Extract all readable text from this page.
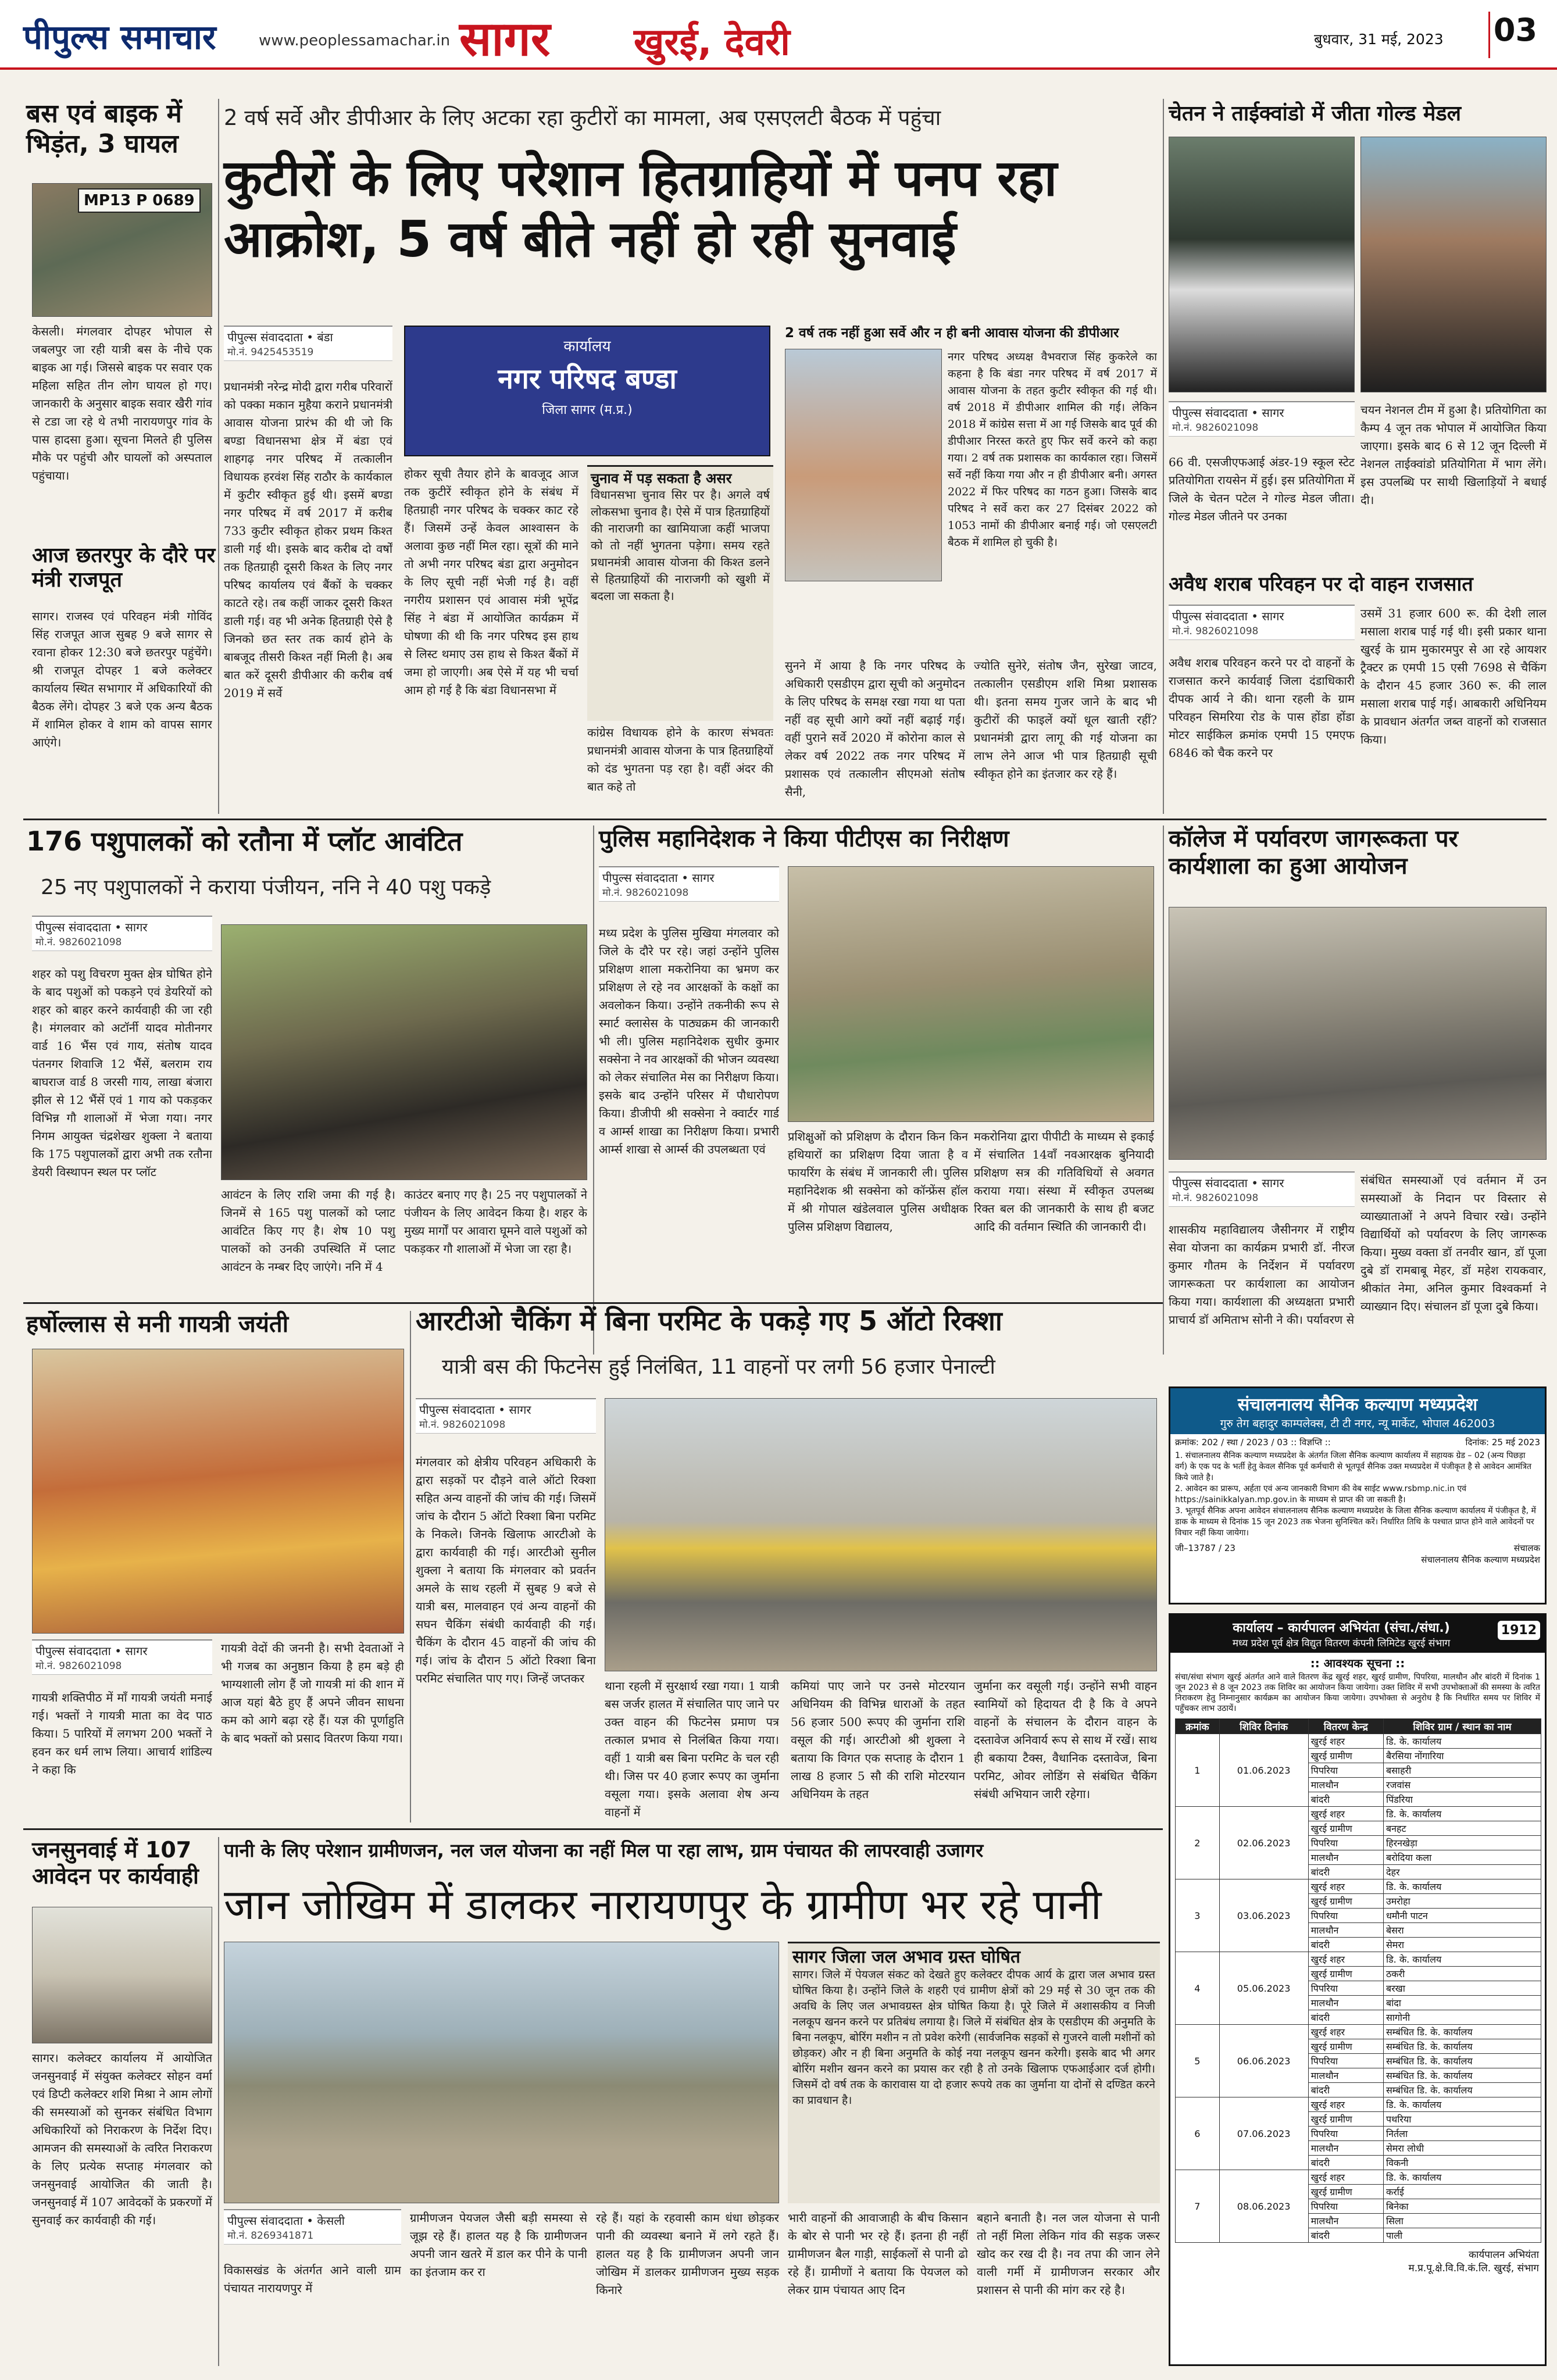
पीपुल्स समाचार	www.peoplessamachar.in सागर खुरई, देवरी	बुधवार, 31 मई, 2023 03
बस एवं बाइक में भिड़ंत, 3 घायल
MP13 P 0689
केसली। मंगलवार दोपहर भोपाल से जबलपुर जा रही यात्री बस के नीचे एक बाइक आ गई। जिससे बाइक पर सवार एक महिला सहित तीन लोग घायल हो गए। जानकारी के अनुसार बाइक सवार खैरी गांव से टडा जा रहे थे तभी नारायणपुर गांव के पास हादसा हुआ। सूचना मिलते ही पुलिस मौके पर पहुंची और घायलों को अस्पताल पहुंचाया।
आज छतरपुर के दौरे पर मंत्री राजपूत
सागर। राजस्व एवं परिवहन मंत्री गोविंद सिंह राजपूत आज सुबह 9 बजे सागर से रवाना होकर 12:30 बजे छतरपुर पहुंचेंगे। श्री राजपूत दोपहर 1 बजे कलेक्टर कार्यालय स्थित सभागार में अधिकारियों की बैठक लेंगे। दोपहर 3 बजे एक अन्य बैठक में शामिल होकर वे शाम को वापस सागर आएंगे।
2 वर्ष सर्वे और डीपीआर के लिए अटका रहा कुटीरों का मामला, अब एसएलटी बैठक में पहुंचा
कुटीरों के लिए परेशान हितग्राहियों में पनप रहा आक्रोश, 5 वर्ष बीते नहीं हो रही सुनवाई
पीपुल्स संवाददाता • बंडा
मो.नं. 9425453519
प्रधानमंत्री नरेन्द्र मोदी द्वारा गरीब परिवारों को पक्का मकान मुहैया कराने प्रधानमंत्री आवास योजना प्रारंभ की थी जो कि बण्डा विधानसभा क्षेत्र में बंडा एवं शाहगढ़ नगर परिषद में तत्कालीन विधायक हरवंश सिंह राठौर के कार्यकाल में कुटीर स्वीकृत हुई थी। इसमें बण्डा नगर परिषद में वर्ष 2017 में करीब 733 कुटीर स्वीकृत होकर प्रथम किश्त डाली गई थी। इसके बाद करीब दो वर्षों तक हितग्राही दूसरी किश्त के लिए नगर परिषद कार्यालय एवं बैंकों के चक्कर काटते रहे। तब कहीं जाकर दूसरी किश्त डाली गई। वह भी अनेक हितग्राही ऐसे है जिनको छत स्तर तक कार्य होने के बाबजूद तीसरी किश्त नहीं मिली है। अब बात करें दूसरी डीपीआर की करीब वर्ष 2019 में सर्वे
कार्यालय
नगर परिषद बण्डा
जिला सागर (म.प्र.)
होकर सूची तैयार होने के बावजूद आज तक कुटीरें स्वीकृत होने के संबंध में हितग्राही नगर परिषद के चक्कर काट रहे हैं। जिसमें उन्हें केवल आश्वासन के अलावा कुछ नहीं मिल रहा। सूत्रों की माने तो अभी नगर परिषद बंडा द्वारा अनुमोदन के लिए सूची नहीं भेजी गई है। वहीं नगरीय प्रशासन एवं आवास मंत्री भूपेंद्र सिंह ने बंडा में आयोजित कार्यक्रम में घोषणा की थी कि नगर परिषद इस हाथ से लिस्ट थमाए उस हाथ से किश्त बैंकों में जमा हो जाएगी। अब ऐसे में यह भी चर्चा आम हो गई है कि बंडा विधानसभा में
चुनाव में पड़ सकता है असर
विधानसभा चुनाव सिर पर है। अगले वर्ष लोकसभा चुनाव है। ऐसे में पात्र हितग्राहियों की नाराजगी का खामियाजा कहीं भाजपा को तो नहीं भुगतना पड़ेगा। समय रहते प्रधानमंत्री आवास योजना की किश्त डलने से हितग्राहियों की नाराजगी को खुशी में बदला जा सकता है।
कांग्रेस विधायक होने के कारण संभवतः प्रधानमंत्री आवास योजना के पात्र हितग्राहियों को दंड भुगतना पड़ रहा है। वहीं अंदर की बात कहे तो
2 वर्ष तक नहीं हुआ सर्वे और न ही बनी आवास योजना की डीपीआर
नगर परिषद अध्यक्ष वैभवराज सिंह कुकरेले का कहना है कि बंडा नगर परिषद में वर्ष 2017 में आवास योजना के तहत कुटीर स्वीकृत की गई थी। वर्ष 2018 में डीपीआर शामिल की गई। लेकिन 2018 में कांग्रेस सत्ता में आ गई जिसके बाद पूर्व की डीपीआर निरस्त करते हुए फिर सर्वे करने को कहा गया। 2 वर्ष तक प्रशासक का कार्यकाल रहा। जिसमें सर्वे नहीं किया गया और न ही डीपीआर बनी। अगस्त 2022 में फिर परिषद का गठन हुआ। जिसके बाद परिषद ने सर्वे करा कर 27 दिसंबर 2022 को 1053 नामों की डीपीआर बनाई गई। जो एसएलटी बैठक में शामिल हो चुकी है।
सुनने में आया है कि नगर परिषद के अधिकारी एसडीएम द्वारा सूची को अनुमोदन के लिए परिषद के समक्ष रखा गया था पता नहीं वह सूची आगे क्यों नहीं बढ़ाई गई। वहीं पुराने सर्वे 2020 में कोरोना काल से लेकर वर्ष 2022 तक नगर परिषद में प्रशासक एवं तत्कालीन सीएमओ संतोष सैनी,
ज्योति सुनेरे, संतोष जैन, सुरेखा जाटव, तत्कालीन एसडीएम शशि मिश्रा प्रशासक थी। इतना समय गुजर जाने के बाद भी कुटीरों की फाइलें क्यों धूल खाती रहीं? प्रधानमंत्री द्वारा लागू की गई योजना का लाभ लेने आज भी पात्र हितग्राही सूची स्वीकृत होने का इंतजार कर रहे हैं।
चेतन ने ताईक्वांडो में जीता गोल्ड मेडल
पीपुल्स संवाददाता • सागर
मो.नं. 9826021098
66 वी. एसजीएफआई अंडर-19 स्कूल स्टेट प्रतियोगिता रायसेन में हुई। इस प्रतियोगिता में जिले के चेतन पटेल ने गोल्ड मेडल जीता। गोल्ड मेडल जीतने पर उनका
चयन नेशनल टीम में हुआ है। प्रतियोगिता का कैम्प 4 जून तक भोपाल में आयोजित किया जाएगा। इसके बाद 6 से 12 जून दिल्ली में नेशनल ताईक्वांडो प्रतियोगिता में भाग लेंगे। इस उपलब्धि पर साथी खिलाड़ियों ने बधाई दी।
अवैध शराब परिवहन पर दो वाहन राजसात
पीपुल्स संवाददाता • सागर
मो.नं. 9826021098
अवैध शराब परिवहन करने पर दो वाहनों के राजसात करने कार्यवाई जिला दंडाधिकारी दीपक आर्य ने की। थाना रहली के ग्राम परिवहन सिमरिया रोड के पास होंडा होंडा मोटर साईकिल क्रमांक एमपी 15 एमएफ 6846 को चैक करने पर
उसमें 31 हजार 600 रू. की देशी लाल मसाला शराब पाई गई थी। इसी प्रकार थाना खुरई के ग्राम मुकारमपुर से आ रहे आयशर ट्रैक्टर क्र एमपी 15 एसी 7698 से चैकिंग के दौरान 45 हजार 360 रू. की लाल मसाला शराब पाई गई। आबकारी अधिनियम के प्रावधान अंतर्गत जब्त वाहनों को राजसात किया।
176 पशुपालकों को रतौना में प्लॉट आवंटित
25 नए पशुपालकों ने कराया पंजीयन, ननि ने 40 पशु पकड़े
पीपुल्स संवाददाता • सागर
मो.नं. 9826021098
शहर को पशु विचरण मुक्त क्षेत्र घोषित होने के बाद पशुओं को पकड़ने एवं डेयरियों को शहर को बाहर करने कार्यवाही की जा रही है। मंगलवार को अटॉर्नी यादव मोतीनगर वार्ड 16 भैंस एवं गाय, संतोष यादव पंतनगर शिवाजि 12 भैंसें, बलराम राय बाघराज वार्ड 8 जरसी गाय, लाखा बंजारा झील से 12 भैंसें एवं 1 गाय को पकड़कर विभिन्न गौ शालाओं में भेजा गया। नगर निगम आयुक्त चंद्रशेखर शुक्ला ने बताया कि 175 पशुपालकों द्वारा अभी तक रतौना डेयरी विस्थापन स्थल पर प्लॉट
आवंटन के लिए राशि जमा की गई है। जिनमें से 165 पशु पालकों को प्लाट आवंटित किए गए है। शेष 10 पशु पालकों को उनकी उपस्थिति में प्लाट आवंटन के नम्बर दिए जाएंगे। ननि में 4
काउंटर बनाए गए है। 25 नए पशुपालकों ने पंजीयन के लिए आवेदन किया है। शहर के मुख्य मार्गों पर आवारा घूमने वाले पशुओं को पकड़कर गौ शालाओं में भेजा जा रहा है।
पुलिस महानिदेशक ने किया पीटीएस का निरीक्षण
पीपुल्स संवाददाता • सागर
मो.नं. 9826021098
मध्य प्रदेश के पुलिस मुखिया मंगलवार को जिले के दौरे पर रहे। जहां उन्होंने पुलिस प्रशिक्षण शाला मकरोनिया का भ्रमण कर प्रशिक्षण ले रहे नव आरक्षकों के कक्षों का अवलोकन किया। उन्होंने तकनीकी रूप से स्मार्ट क्लासेस के पाठ्यक्रम की जानकारी भी ली। पुलिस महानिदेशक सुधीर कुमार सक्सेना ने नव आरक्षकों की भोजन व्यवस्था को लेकर संचालित मेस का निरीक्षण किया। इसके बाद उन्होंने परिसर में पौधारोपण किया। डीजीपी श्री सक्सेना ने क्वार्टर गार्ड व आर्म्स शाखा का निरीक्षण किया। प्रभारी आर्म्स शाखा से आर्म्स की उपलब्धता एवं
प्रशिक्षुओं को प्रशिक्षण के दौरान किन किन हथियारों का प्रशिक्षण दिया जाता है व फायरिंग के संबंध में जानकारी ली। पुलिस महानिदेशक श्री सक्सेना को कॉन्फ्रेंस हॉल में श्री गोपाल खंडेलवाल पुलिस अधीक्षक पुलिस प्रशिक्षण विद्यालय,
मकरोनिया द्वारा पीपीटी के माध्यम से इकाई में संचालित 14वाँ नवआरक्षक बुनियादी प्रशिक्षण सत्र की गतिविधियों से अवगत कराया गया। संस्था में स्वीकृत उपलब्ध रिक्त बल की जानकारी के साथ ही बजट आदि की वर्तमान स्थिति की जानकारी दी।
कॉलेज में पर्यावरण जागरूकता पर कार्यशाला का हुआ आयोजन
पीपुल्स संवाददाता • सागर
मो.नं. 9826021098
शासकीय महाविद्यालय जैसीनगर में राष्ट्रीय सेवा योजना का कार्यक्रम प्रभारी डॉ. नीरज कुमार गौतम के निर्देशन में पर्यावरण जागरूकता पर कार्यशाला का आयोजन किया गया। कार्यशाला की अध्यक्षता प्रभारी प्राचार्य डॉ अमिताभ सोनी ने की। पर्यावरण से
संबंधित समस्याओं एवं वर्तमान में उन समस्याओं के निदान पर विस्तार से व्याख्याताओं ने अपने विचार रखे। उन्होंने विद्यार्थियों को पर्यावरण के लिए जागरूक किया। मुख्य वक्ता डॉ तनवीर खान, डॉ पूजा दुबे डॉ रामबाबू मेहर, डॉ महेश रायकवार, श्रीकांत नेमा, अनिल कुमार विश्वकर्मा ने व्याख्यान दिए। संचालन डॉ पूजा दुबे किया।
हर्षोल्लास से मनी गायत्री जयंती
पीपुल्स संवाददाता • सागर
मो.नं. 9826021098
गायत्री शक्तिपीठ में माँ गायत्री जयंती मनाई गई। भक्तों ने गायत्री माता का वेद पाठ किया। 5 पारियों में लगभग 200 भक्तों ने हवन कर धर्म लाभ लिया। आचार्य शांडिल्य ने कहा कि
गायत्री वेदों की जननी है। सभी देवताओं ने भी गजब का अनुष्ठान किया है हम बड़े ही भाग्यशाली लोग हैं जो गायत्री मां की शान में आज यहां बैठे हुए हैं अपने जीवन साधना कम को आगे बढ़ा रहे हैं। यज्ञ की पूर्णाहुति के बाद भक्तों को प्रसाद वितरण किया गया।
आरटीओ चैकिंग में बिना परमिट के पकड़े गए 5 ऑटो रिक्शा
यात्री बस की फिटनेस हुई निलंबित, 11 वाहनों पर लगी 56 हजार पेनाल्टी
पीपुल्स संवाददाता • सागर
मो.नं. 9826021098
मंगलवार को क्षेत्रीय परिवहन अधिकारी के द्वारा सड़कों पर दौड़ने वाले ऑटो रिक्शा सहित अन्य वाहनों की जांच की गई। जिसमें जांच के दौरान 5 ऑटो रिक्शा बिना परमिट के निकले। जिनके खिलाफ आरटीओ के द्वारा कार्यवाही की गई। आरटीओ सुनील शुक्ला ने बताया कि मंगलवार को प्रवर्तन अमले के साथ रहली में सुबह 9 बजे से यात्री बस, मालवाहन एवं अन्य वाहनों की सघन चैकिंग संबंधी कार्यवाही की गई। चैकिंग के दौरान 45 वाहनों की जांच की गई। जांच के दौरान 5 ऑटो रिक्शा बिना परमिट संचालित पाए गए। जिन्हें जप्तकर
थाना रहली में सुरक्षार्थ रखा गया। 1 यात्री बस जर्जर हालत में संचालित पाए जाने पर उक्त वाहन की फिटनेस प्रमाण पत्र तत्काल प्रभाव से निलंबित किया गया। वहीं 1 यात्री बस बिना परमिट के चल रही थी। जिस पर 40 हजार रूपए का जुर्माना वसूला गया। इसके अलावा शेष अन्य वाहनों में
कमियां पाए जाने पर उनसे मोटरयान अधिनियम की विभिन्न धाराओं के तहत 56 हजार 500 रूपए की जुर्माना राशि वसूल की गई। आरटीओ श्री शुक्ला ने बताया कि विगत एक सप्ताह के दौरान 1 लाख 8 हजार 5 सौ की राशि मोटरयान अधिनियम के तहत
जुर्माना कर वसूली गई। उन्होंने सभी वाहन स्वामियों को हिदायत दी है कि वे अपने वाहनों के संचालन के दौरान वाहन के दस्तावेज अनिवार्य रूप से साथ में रखें। साथ ही बकाया टैक्स, वैधानिक दस्तावेज, बिना परमिट, ओवर लोडिंग से संबंधित चैकिंग संबंधी अभियान जारी रहेगा।
संचालनालय सैनिक कल्याण मध्यप्रदेश
गुरु तेग बहादुर काम्पलेक्स, टी टी नगर, न्यू मार्केट, भोपाल 462003
क्रमांक: 202 / स्था / 2023 / 03 :: विज्ञप्ति ::	दिनांक: 25 मई 2023
1. संचालनालय सैनिक कल्याण मध्यप्रदेश के अंतर्गत जिला सैनिक कल्याण कार्यालय में सहायक ग्रेड – 02 (अन्य पिछड़ा वर्ग) के एक पद के भर्ती हेतु केवल सैनिक पूर्व कर्मचारी से भूतपूर्व सैनिक उक्त मध्यप्रदेश में पंजीकृत है से आवेदन आमंत्रित किये जाते है।
2. आवेदन का प्रारूप, अर्हता एवं अन्य जानकारी विभाग की वेब साईट www.rsbmp.nic.in एवं https://sainikkalyan.mp.gov.in के माध्यम से प्राप्त की जा सकती है।
3. भूतपूर्व सैनिक अपना आवेदन संचालनालय सैनिक कल्याण मध्यप्रदेश के जिला सैनिक कल्याण कार्यालय में पंजीकृत है, में डाक के माध्यम से दिनांक 15 जून 2023 तक भेजना सुनिश्चित करें। निर्धारित तिथि के पश्चात प्राप्त होने वाले आवेदनों पर विचार नहीं किया जायेगा।
जी–13787 / 23	संचालक
संचालनालय सैनिक कल्याण मध्यप्रदेश
कार्यालय – कार्यपालन अभियंता (संचा./संधा.)
मध्य प्रदेश पूर्व क्षेत्र विद्युत वितरण कंपनी लिमिटेड खुरई संभाग
1912
:: आवश्यक सूचना ::
संचा/संधा संभाग खुरई अंतर्गत आने वाले वितरण केंद्र खुरई शहर, खुरई ग्रामीण, पिपरिया, मालथौन और बांदरी में दिनांक 1 जून 2023 से 8 जून 2023 तक शिविर का आयोजन किया जायेगा। उक्त शिविर में सभी उपभोक्ताओं की समस्या के त्वरित निराकरण हेतु निम्नानुसार कार्यक्रम का आयोजन किया जायेगा। उपभोक्ता से अनुरोध है कि निर्धारित समय पर शिविर में पहुँचकर लाभ उठायें।
क्रमांक	शिविर दिनांक	वितरण केन्द्र	शिविर ग्राम / स्थान का नाम
1	01.06.2023	खुरई शहर	डि. के. कार्यालय
		खुरई ग्रामीण	बैरसिया नोंगारिया
		पिपरिया	बसाहरी
		मालथौन	रजवांस
		बांदरी	पिंडरिया
2	02.06.2023	खुरई शहर	डि. के. कार्यालय
		खुरई ग्रामीण	बनहट
		पिपरिया	हिरनखेड़ा
		मालथौन	बरोदिया कला
		बांदरी	देहर
3	03.06.2023	खुरई शहर	डि. के. कार्यालय
		खुरई ग्रामीण	उमरोहा
		पिपरिया	धमौनी पाटन
		मालथौन	बेसरा
		बांदरी	सेमरा
4	05.06.2023	खुरई शहर	डि. के. कार्यालय
		खुरई ग्रामीण	ठकरी
		पिपरिया	बरखा
		मालथौन	बांदा
		बांदरी	सागोनी
5	06.06.2023	खुरई शहर	सम्बंधित डि. के. कार्यालय
		खुरई ग्रामीण	सम्बंधित डि. के. कार्यालय
		पिपरिया	सम्बंधित डि. के. कार्यालय
		मालथौन	सम्बंधित डि. के. कार्यालय
		बांदरी	सम्बंधित डि. के. कार्यालय
6	07.06.2023	खुरई शहर	डि. के. कार्यालय
		खुरई ग्रामीण	पथरिया
		पिपरिया	निर्तला
		मालथौन	सेमरा लोधी
		बांदरी	विकनी
7	08.06.2023	खुरई शहर	डि. के. कार्यालय
		खुरई ग्रामीण	कर्राई
		पिपरिया	बिनेका
		मालथौन	सिला
		बांदरी	पाली
कार्यपालन अभियंता
म.प्र.पू.क्षे.वि.वि.कं.लि. खुरई, संभाग
जनसुनवाई में 107 आवेदन पर कार्यवाही
सागर। कलेक्टर कार्यालय में आयोजित जनसुनवाई में संयुक्त कलेक्टर सोहन वर्मा एवं डिप्टी कलेक्टर शशि मिश्रा ने आम लोगों की समस्याओं को सुनकर संबंधित विभाग अधिकारियों को निराकरण के निर्देश दिए। आमजन की समस्याओं के त्वरित निराकरण के लिए प्रत्येक सप्ताह मंगलवार को जनसुनवाई आयोजित की जाती है। जनसुनवाई में 107 आवेदकों के प्रकरणों में सुनवाई कर कार्यवाही की गई।
पानी के लिए परेशान ग्रामीणजन, नल जल योजना का नहीं मिल पा रहा लाभ, ग्राम पंचायत की लापरवाही उजागर
जान जोखिम में डालकर नारायणपुर के ग्रामीण भर रहे पानी
पीपुल्स संवाददाता • केसली
मो.नं. 8269341871
विकासखंड के अंतर्गत आने वाली ग्राम पंचायत नारायणपुर में
ग्रामीणजन पेयजल जैसी बड़ी समस्या से जूझ रहे हैं। हालत यह है कि ग्रामीणजन अपनी जान खतरे में डाल कर पीने के पानी का इंतजाम कर रा
रहे हैं। यहां के रहवासी काम धंधा छोड़कर पानी की व्यवस्था बनाने में लगे रहते हैं। हालत यह है कि ग्रामीणजन अपनी जान जोखिम में डालकर ग्रामीणजन मुख्य सड़क किनारे
सागर जिला जल अभाव ग्रस्त घोषित
सागर। जिले में पेयजल संकट को देखते हुए कलेक्टर दीपक आर्य के द्वारा जल अभाव ग्रस्त घोषित किया है। उन्होंने जिले के शहरी एवं ग्रामीण क्षेत्रों को 29 मई से 30 जून तक की अवधि के लिए जल अभावग्रस्त क्षेत्र घोषित किया है। पूरे जिले में अशासकीय व निजी नलकूप खनन करने पर प्रतिबंध लगाया है। जिले में संबंधित क्षेत्र के एसडीएम की अनुमति के बिना नलकूप, बोरिंग मशीन न तो प्रवेश करेगी (सार्वजनिक सड़कों से गुजरने वाली मशीनों को छोड़कर) और न ही बिना अनुमति के कोई नया नलकूप खनन करेगी। इसके बाद भी अगर बोरिंग मशीन खनन करने का प्रयास कर रही है तो उनके खिलाफ एफआईआर दर्ज होगी। जिसमें दो वर्ष तक के कारावास या दो हजार रूपये तक का जुर्माना या दोनों से दण्डित करने का प्रावधान है।
भारी वाहनों की आवाजाही के बीच किसान के बोर से पानी भर रहे हैं। इतना ही नहीं ग्रामीणजन बैल गाड़ी, साईकलों से पानी ढो रहे हैं। ग्रामीणों ने बताया कि पेयजल को लेकर ग्राम पंचायत आए दिन
बहाने बनाती है। नल जल योजना से पानी तो नहीं मिला लेकिन गांव की सड़क जरूर खोद कर रख दी है। नव तपा की जान लेने वाली गर्मी में ग्रामीणजन सरकार और प्रशासन से पानी की मांग कर रहे है।
